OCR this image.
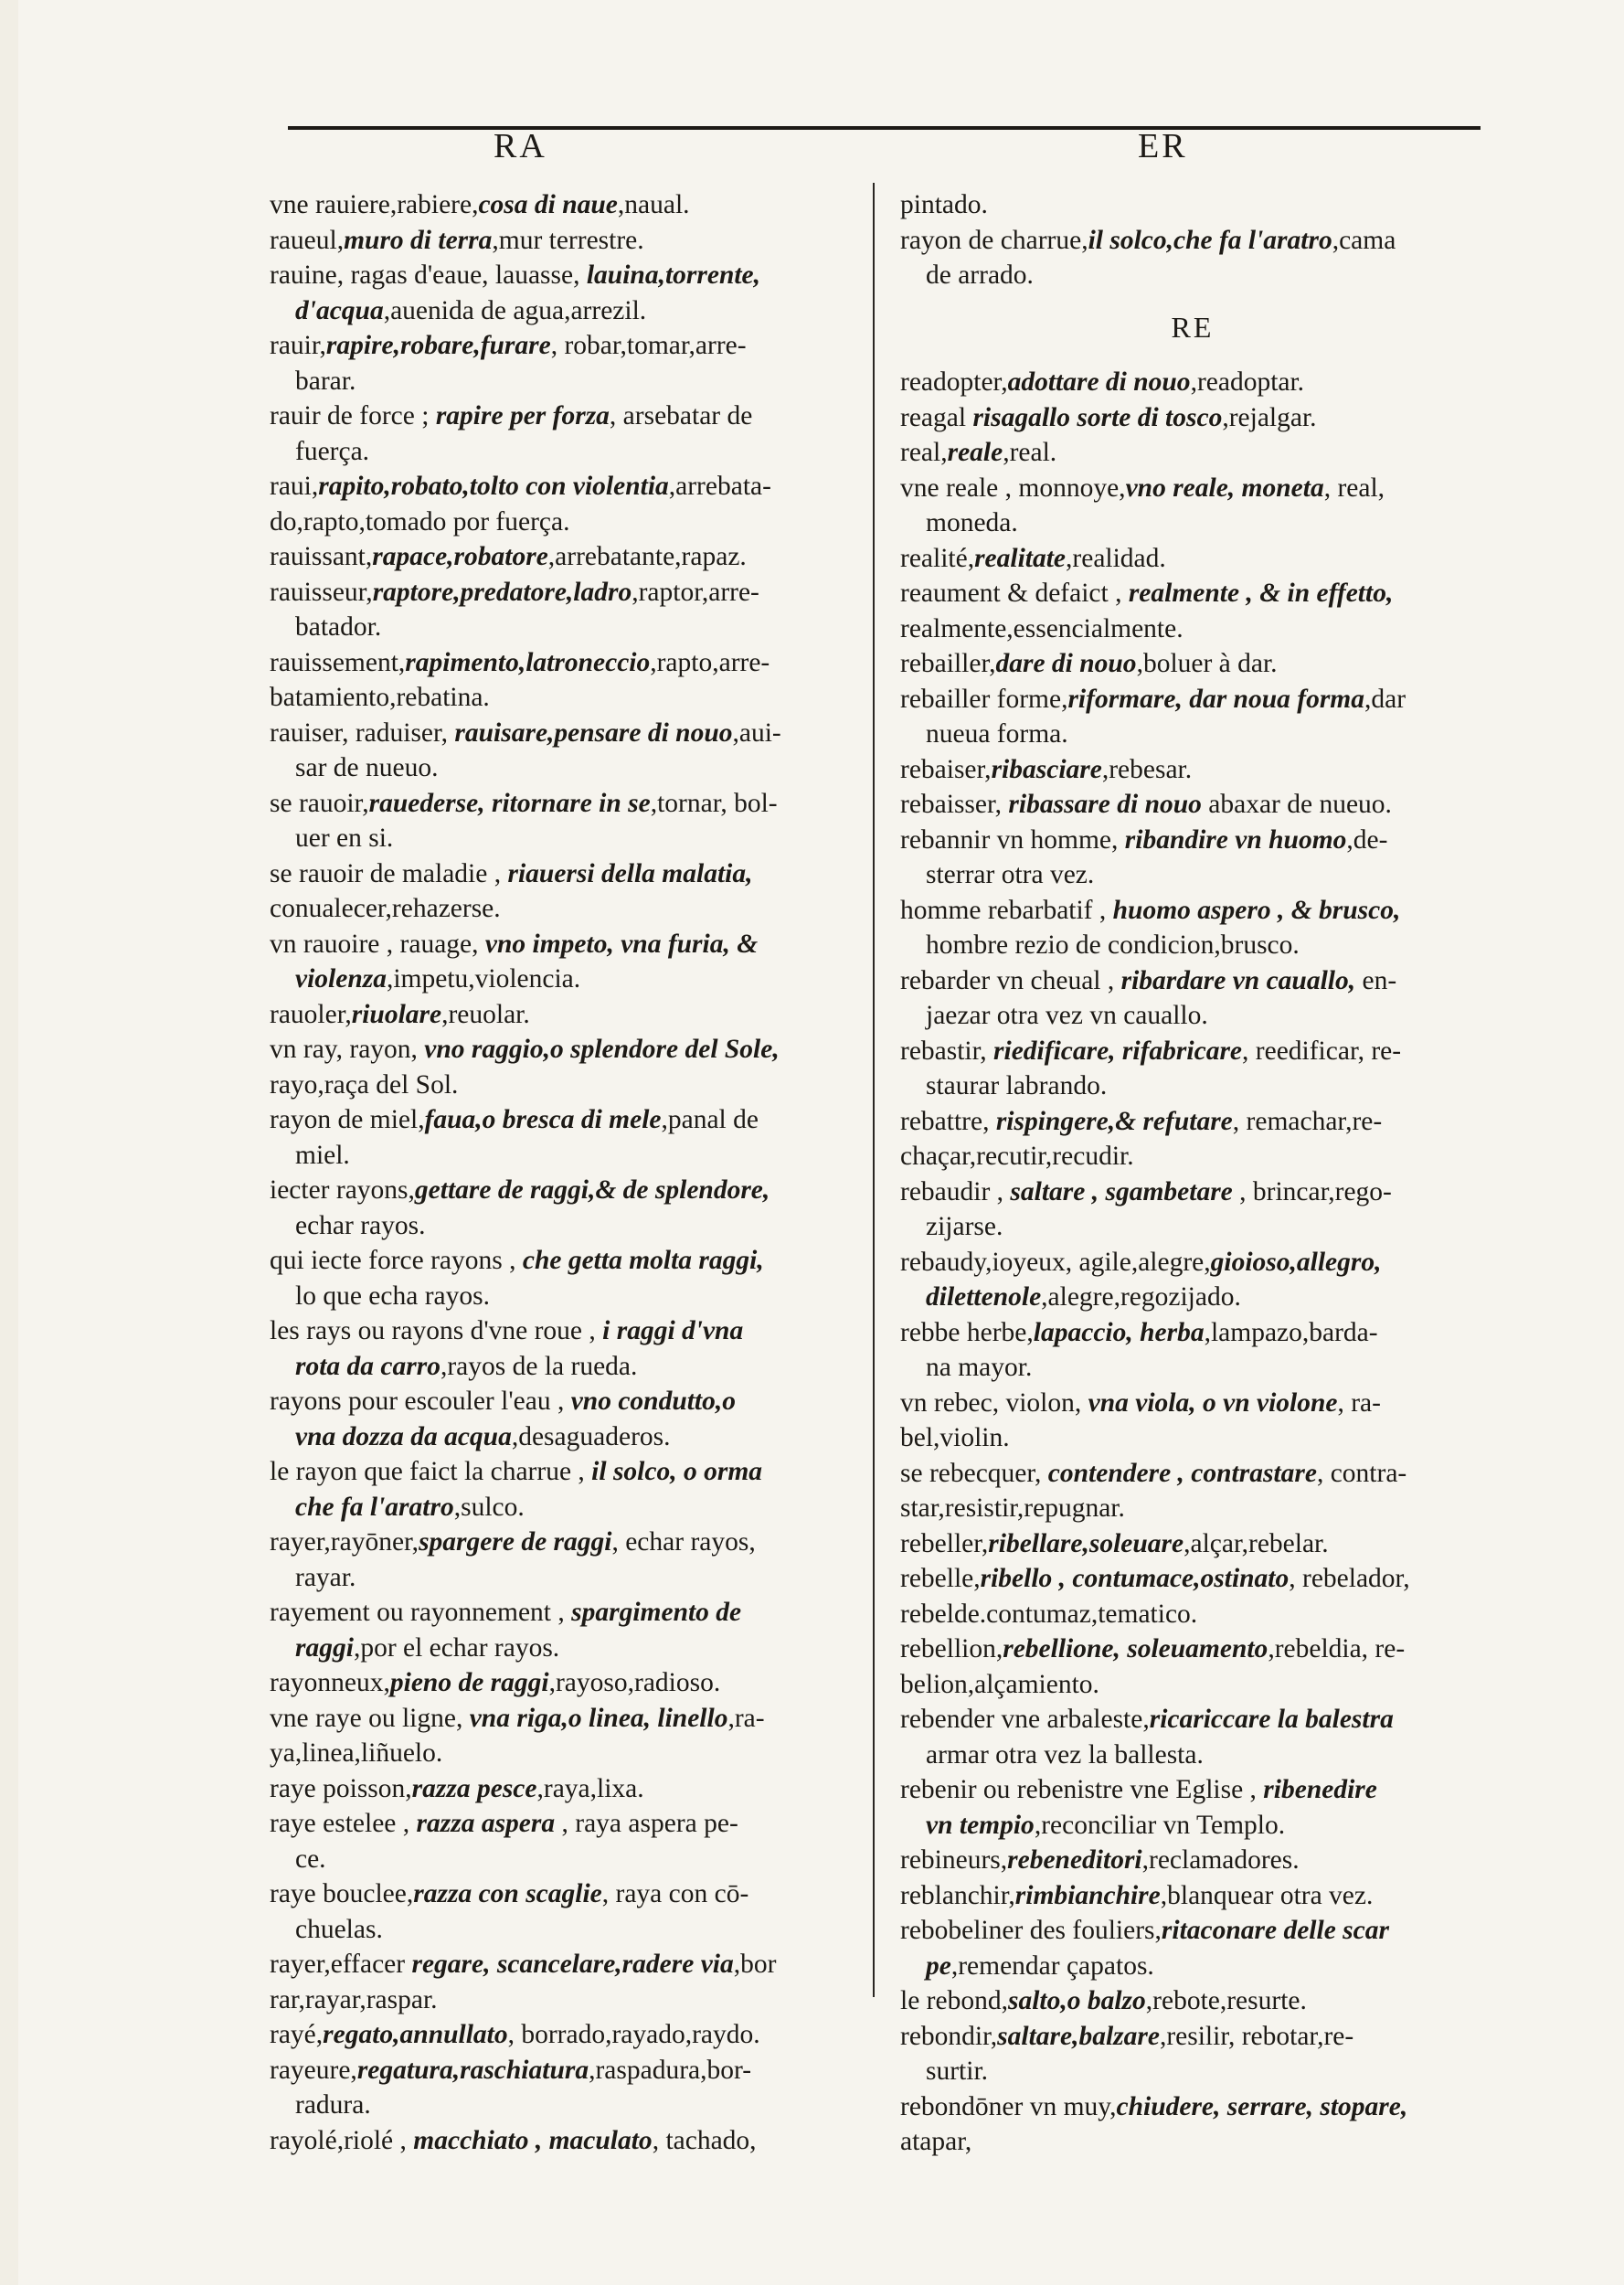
RA	ER
vne rauiere,rabiere,cosa di naue,naual.
raueul,muro di terra,mur terrestre.
rauine, ragas d'eaue, lauasse, lauina,torrente,
d'acqua,auenida de agua,arrezil.
rauir,rapire,robare,furare, robar,tomar,arre-
barar.
rauir de force ; rapire per forza, arsebatar de
fuerça.
raui,rapito,robato,tolto con violentia,arrebata-
do,rapto,tomado por fuerça.
rauissant,rapace,robatore,arrebatante,rapaz.
rauisseur,raptore,predatore,ladro,raptor,arre-
batador.
rauissement,rapimento,latroneccio,rapto,arre-
batamiento,rebatina.
rauiser, raduiser, rauisare,pensare di nouo,aui-
sar de nueuo.
se rauoir,rauederse, ritornare in se,tornar, bol-
uer en si.
se rauoir de maladie , riauersi della malatia,
conualecer,rehazerse.
vn rauoire , rauage, vno impeto, vna furia, &
violenza,impetu,violencia.
rauoler,riuolare,reuolar.
vn ray, rayon, vno raggio,o splendore del Sole,
rayo,raça del Sol.
rayon de miel,faua,o bresca di mele,panal de
miel.
iecter rayons,gettare de raggi,& de splendore,
echar rayos.
qui iecte force rayons , che getta molta raggi,
lo que echa rayos.
les rays ou rayons d'vne roue , i raggi d'vna
rota da carro,rayos de la rueda.
rayons pour escouler l'eau , vno condutto,o
vna dozza da acqua,desaguaderos.
le rayon que faict la charrue , il solco, o orma
che fa l'aratro,sulco.
rayer,rayōner,spargere de raggi, echar rayos,
rayar.
rayement ou rayonnement , spargimento de
raggi,por el echar rayos.
rayonneux,pieno de raggi,rayoso,radioso.
vne raye ou ligne, vna riga,o linea, linello,ra-
ya,linea,liñuelo.
raye poisson,razza pesce,raya,lixa.
raye estelee , razza aspera , raya aspera pe-
ce.
raye bouclee,razza con scaglie, raya con cō-
chuelas.
rayer,effacer regare, scancelare,radere via,bor
rar,rayar,raspar.
rayé,regato,annullato, borrado,rayado,raydo.
rayeure,regatura,raschiatura,raspadura,bor-
radura.
rayolé,riolé , macchiato , maculato, tachado,
pintado.
rayon de charrue,il solco,che fa l'aratro,cama
de arrado.
RE
readopter,adottare di nouo,readoptar.
reagal risagallo sorte di tosco,rejalgar.
real,reale,real.
vne reale , monnoye,vno reale, moneta, real,
moneda.
realité,realitate,realidad.
reaument & defaict , realmente , & in effetto,
realmente,essencialmente.
rebailler,dare di nouo,boluer à dar.
rebailler forme,riformare, dar noua forma,dar
nueua forma.
rebaiser,ribasciare,rebesar.
rebaisser, ribassare di nouo abaxar de nueuo.
rebannir vn homme, ribandire vn huomo,de-
sterrar otra vez.
homme rebarbatif , huomo aspero , & brusco,
hombre rezio de condicion,brusco.
rebarder vn cheual , ribardare vn cauallo, en-
jaezar otra vez vn cauallo.
rebastir, riedificare, rifabricare, reedificar, re-
staurar labrando.
rebattre, rispingere,& refutare, remachar,re-
chaçar,recutir,recudir.
rebaudir , saltare , sgambetare , brincar,rego-
zijarse.
rebaudy,ioyeux, agile,alegre,gioioso,allegro,
dilettenole,alegre,regozijado.
rebbe herbe,lapaccio, herba,lampazo,barda-
na mayor.
vn rebec, violon, vna viola, o vn violone, ra-
bel,violin.
se rebecquer, contendere , contrastare, contra-
star,resistir,repugnar.
rebeller,ribellare,soleuare,alçar,rebelar.
rebelle,ribello , contumace,ostinato, rebelador,
rebelde.contumaz,tematico.
rebellion,rebellione, soleuamento,rebeldia, re-
belion,alçamiento.
rebender vne arbaleste,ricariccare la balestra
armar otra vez la ballesta.
rebenir ou rebenistre vne Eglise , ribenedire
vn tempio,reconciliar vn Templo.
rebineurs,rebeneditori,reclamadores.
reblanchir,rimbianchire,blanquear otra vez.
rebobeliner des fouliers,ritaconare delle scar
pe,remendar çapatos.
le rebond,salto,o balzo,rebote,resurte.
rebondir,saltare,balzare,resilir, rebotar,re-
surtir.
rebondōner vn muy,chiudere, serrare, stopare,
atapar,
